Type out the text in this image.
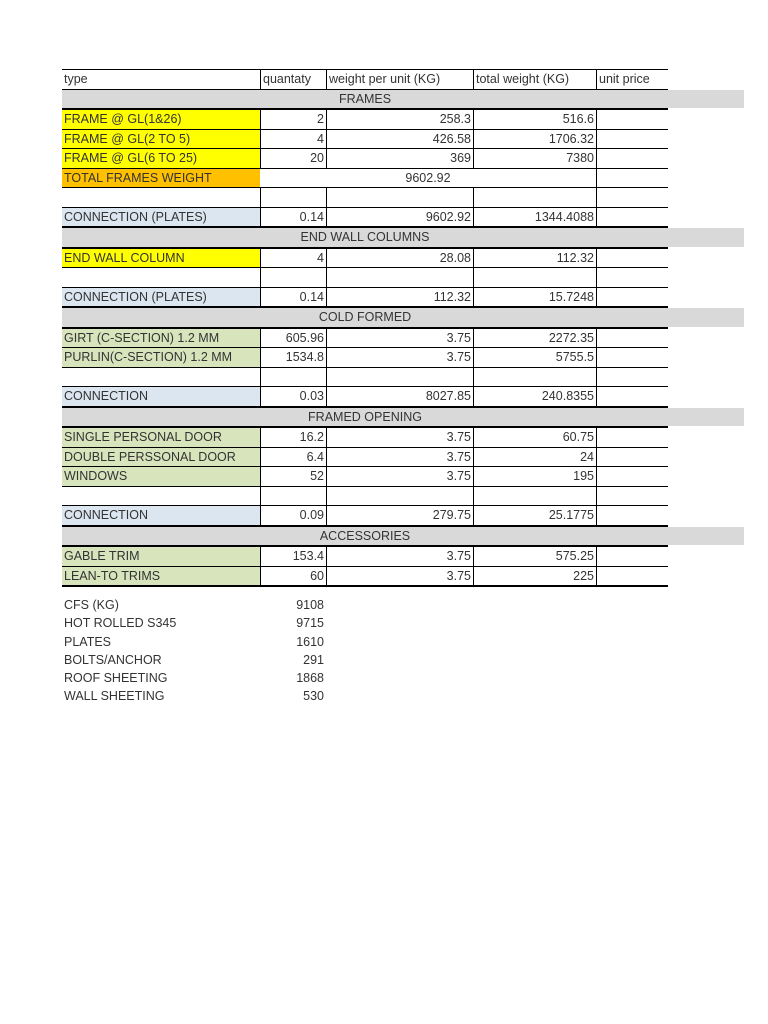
type	quantaty	weight per unit (KG)	total weight (KG)	unit price
FRAMES
FRAME @ GL(1&26)	2	258.3	516.6
FRAME @ GL(2 TO 5)	4	426.58	1706.32
FRAME @ GL(6 TO 25)	20	369	7380
TOTAL FRAMES WEIGHT	9602.92
CONNECTION (PLATES)	0.14	9602.92	1344.4088
END WALL COLUMNS
END WALL COLUMN	4	28.08	112.32
CONNECTION (PLATES)	0.14	112.32	15.7248
COLD FORMED
GIRT (C-SECTION) 1.2 MM	605.96	3.75	2272.35
PURLIN(C-SECTION) 1.2 MM	1534.8	3.75	5755.5
CONNECTION	0.03	8027.85	240.8355
FRAMED OPENING
SINGLE PERSONAL DOOR	16.2	3.75	60.75
DOUBLE PERSSONAL DOOR	6.4	3.75	24
WINDOWS	52	3.75	195
CONNECTION	0.09	279.75	25.1775
ACCESSORIES
GABLE TRIM	153.4	3.75	575.25
LEAN-TO TRIMS	60	3.75	225
CFS (KG)	9108
HOT ROLLED S345	9715
PLATES	1610
BOLTS/ANCHOR	291
ROOF SHEETING	1868
WALL SHEETING	530
